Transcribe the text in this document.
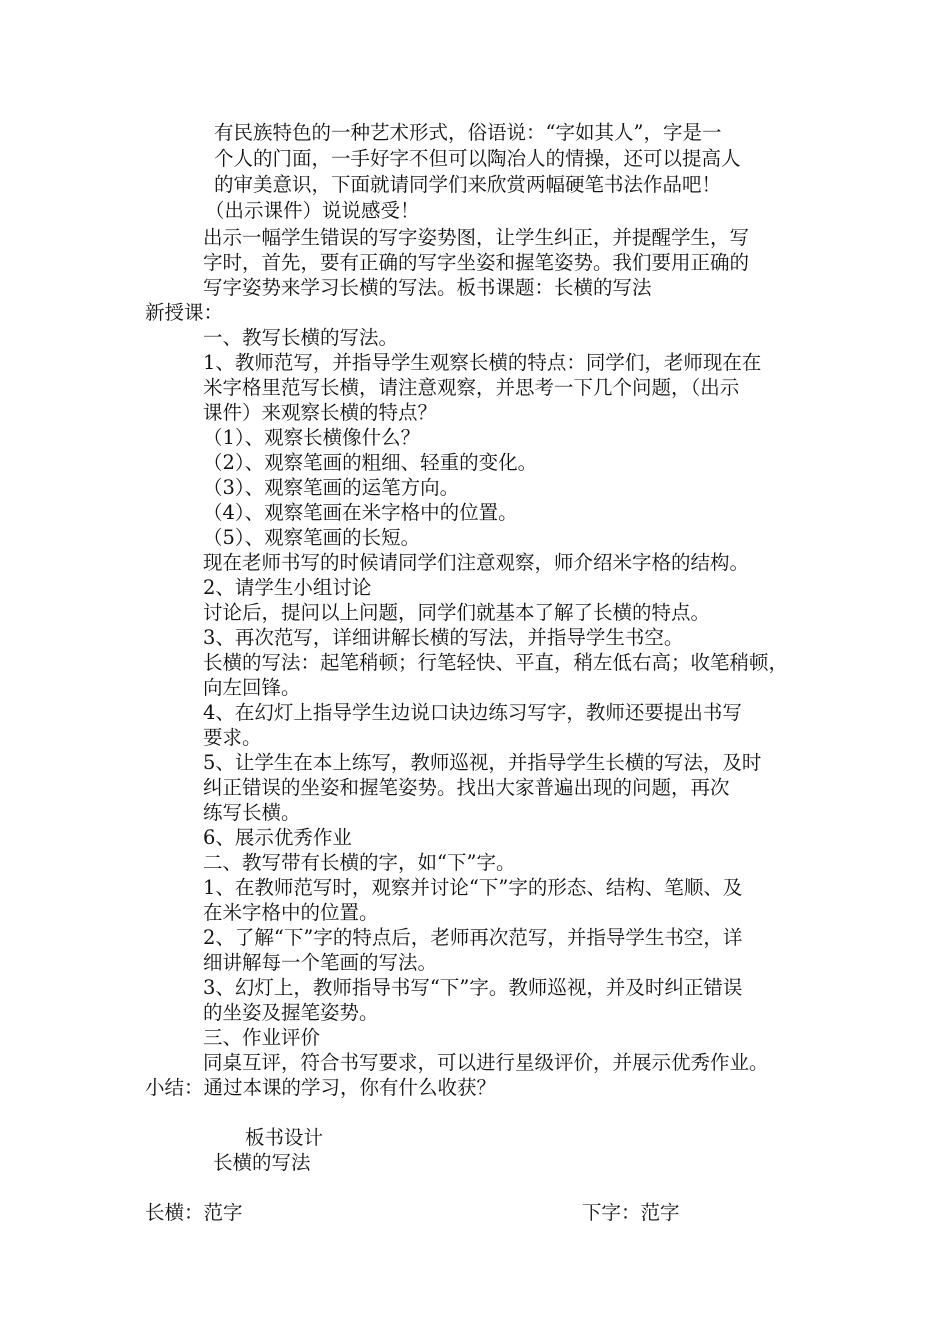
有民族特色的一种艺术形式，俗语说：“字如其人”，字是一

个人的门面，一手好字不但可以陶冶人的情操，还可以提高人

的审美意识，下面就请同学们来欣赏两幅硬笔书法作品吧！

（出示课件）说说感受！

出示一幅学生错误的写字姿势图，让学生纠正，并提醒学生，写

字时，首先，要有正确的写字坐姿和握笔姿势。我们要用正确的

写字姿势来学习长横的写法。板书课题：长横的写法

新授课：

一、教写长横的写法。

1、教师范写，并指导学生观察长横的特点：同学们，老师现在在

米字格里范写长横，请注意观察，并思考一下几个问题，（出示

课件）来观察长横的特点？

（1）、观察长横像什么？

（2）、观察笔画的粗细、轻重的变化。

（3）、观察笔画的运笔方向。

（4）、观察笔画在米字格中的位置。

（5）、观察笔画的长短。

现在老师书写的时候请同学们注意观察，师介绍米字格的结构。

2、请学生小组讨论

讨论后，提问以上问题，同学们就基本了解了长横的特点。

3、再次范写，详细讲解长横的写法，并指导学生书空。

长横的写法：起笔稍顿；行笔轻快、平直，稍左低右高；收笔稍顿，

向左回锋。

4、在幻灯上指导学生边说口诀边练习写字，教师还要提出书写

要求。

5、让学生在本上练写，教师巡视，并指导学生长横的写法，及时

纠正错误的坐姿和握笔姿势。找出大家普遍出现的问题，再次

练写长横。

6、展示优秀作业

二、教写带有长横的字，如“下”字。

1、在教师范写时，观察并讨论“下”字的形态、结构、笔顺、及

在米字格中的位置。

2、了解“下”字的特点后，老师再次范写，并指导学生书空，详

细讲解每一个笔画的写法。

3、幻灯上，教师指导书写“下”字。教师巡视，并及时纠正错误

的坐姿及握笔姿势。

三、作业评价

同桌互评，符合书写要求，可以进行星级评价，并展示优秀作业。

小结：通过本课的学习，你有什么收获？

板书设计

长横的写法

长横：范字	下字：范字
